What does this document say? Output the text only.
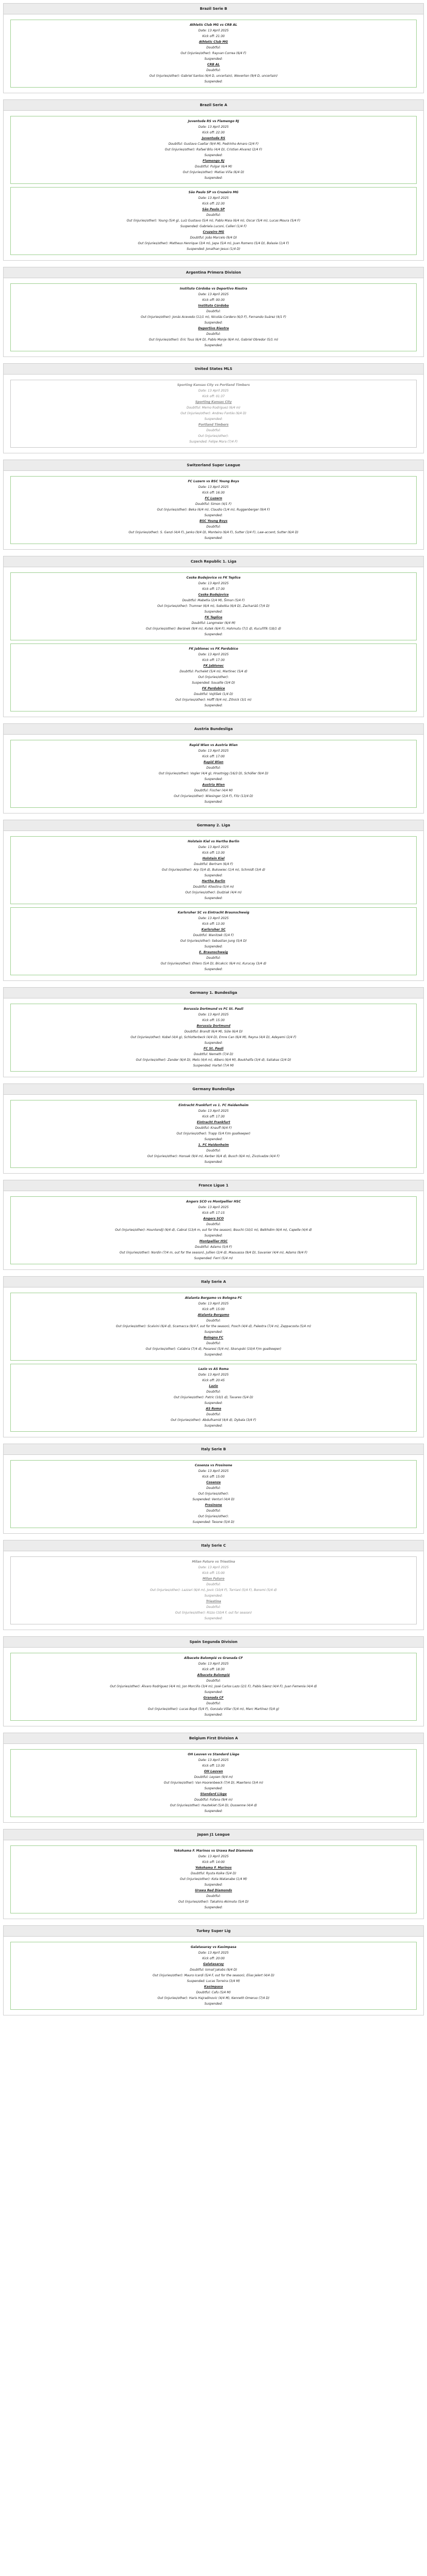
Brazil Serie B
Athletic Club MG vs CRB AL
Date: 13 April 2025
Kick off: 21:30
Athletic Club MG
Doubtful:
Out (injuries/other): Rayvan Correa (6/4 F)
Suspended:
CRB AL
Doubtful:
Out (injuries/other): Gabriel Santos (6/4 D, uncertain), Weverton (9/4 D, uncertain)
Suspended:
Brazil Serie A
Juventude RS vs Flamengo RJ
Date: 13 April 2025
Kick off: 22:30
Juventude RS
Doubtful: Gustavo Cuellar (9/4 M), Pedrinho Amaro (2/4 F)
Out (injuries/other): Rafael Bilu (4/4 D), Cristian Alvarez (2/4 F)
Suspended:
Flamengo RJ
Doubtful: Pulgar (6/4 M)
Out (injuries/other): Matias Viña (6/4 D)
Suspended:
São Paulo SP vs Cruzeiro MG
Date: 13 April 2025
Kick off: 22:30
São Paulo SP
Doubtful:
Out (injuries/other): Young (5/4 g), Luiz Gustavo (5/4 m), Pablo Maia (6/4 m), Oscar (5/4 m), Lucas Moura (5/4 F)
Suspended: Gabriela Luconi, Calleri (1/4 F)
Cruzeiro MG
Doubtful: João Marcelo (9/4 D)
Out (injuries/other): Matheus Henrique (3/4 m), Japa (5/4 m), Juan Romero (5/4 D), Bolasie (1/4 F)
Suspended: Jonathan Jesus (1/4 D)
Argentina Primera Division
Instituto Córdoba vs Deportivo Riestra
Date: 13 April 2025
Kick off: 00:30
Instituto Córdoba
Doubtful:
Out (injuries/other): Jonás Acevedo (11/1 m), Nicolás Cordero (6/3 F), Fernando Suárez (4/1 F)
Suspended:
Deportivo Riestra
Doubtful:
Out (injuries/other): Eric Tous (6/4 D), Pablo Monje (6/4 m), Gabriel Obredor (5/1 m)
Suspended:
United States MLS
Sporting Kansas City vs Portland Timbers
Date: 13 April 2025
Kick off: 01:37
Sporting Kansas City
Doubtful: Memo Rodriguez (6/4 m)
Out (injuries/other): Andreu Fontàs (6/4 D)
Suspended:
Portland Timbers
Doubtful:
Out (injuries/other):
Suspended: Felipe Mora (7/4 F)
Switzerland Super League
FC Luzern vs BSC Young Boys
Date: 13 April 2025
Kick off: 16:30
FC Luzern
Doubtful: Simon (4/1 F)
Out (injuries/other): Beka (6/4 m), Claudio (1/4 m), Ruggenberger (9/4 F)
Suspended:
BSC Young Boys
Doubtful:
Out (injuries/other): S. Ganzi (4/4 F), Janko (9/4 D), Monteiro (6/4 F), Sutter (3/4 F), Law-accent, Sutter (6/4 D)
Suspended:
Czech Republic 1. Liga
Ceske Budejovice vs FK Teplice
Date: 13 April 2025
Kick off: 17:30
Ceske Budejovice
Doubtful: Mabetla (2/4 M), Šimon (5/4 F)
Out (injuries/other): Trumner (6/4 m), Sobotka (6/4 D), Zachariáš (7/4 D)
Suspended:
FK Teplice
Doubtful: Langmeier (6/4 M)
Out (injuries/other): Beránek (9/4 m), Kutek (6/4 F), Hahmutu (7/1 d), Kucuřířík (18/1 d)
Suspended:
FK Jablonec vs FK Pardubice
Date: 13 April 2025
Kick off: 17:30
FK Jablonec
Doubtful: Puchelet (5/4 m), Martinec (5/4 d)
Out (injuries/other):
Suspended: Souaille (3/4 D)
FK Pardubice
Doubtful: Vojtíšek (1/4 D)
Out (injuries/other): Hoffl (9/4 m), Zitnick (3/1 m)
Suspended:
Austria Bundesliga
Rapid Wien vs Austria Wien
Date: 13 April 2025
Kick off: 17:00
Rapid Wien
Doubtful:
Out (injuries/other): Vogler (4/4 g), Hrastnigg (16/3 D), Schöller (9/4 D)
Suspended:
Austria Wien
Doubtful: Fischer (4/4 M)
Out (injuries/other): Wiesinger (2/4 F), Fitz (13/4 D)
Suspended:
Germany 2. Liga
Holstein Kiel vs Hertha Berlin
Date: 13 April 2025
Kick off: 13:30
Holstein Kiel
Doubtful: Bertram (6/4 F)
Out (injuries/other): Arp (5/4 d), Bukowiec (1/4 m), Schmidt (3/4 d)
Suspended:
Hertha Berlin
Doubtful: Kliestina (5/4 m)
Out (injuries/other): Dudziak (4/4 m)
Suspended:
Karlsruher SC vs Eintracht Braunschweig
Date: 13 April 2025
Kick off: 13:30
Karlsruher SC
Doubtful: Wanitzek (5/4 F)
Out (injuries/other): Sebastian Jung (5/4 D)
Suspended:
E. Braunschweig
Doubtful:
Out (injuries/other): Ehlers (5/4 D), Bicakcic (6/4 m), Kurucay (3/4 d)
Suspended:
Germany 1. Bundesliga
Borussia Dortmund vs FC St. Pauli
Date: 13 April 2025
Kick off: 15:30
Borussia Dortmund
Doubtful: Brandt (6/4 M), Süle (6/4 D)
Out (injuries/other): Kobel (4/4 g), Schlotterbeck (4/4 D), Emre Can (6/4 M), Reyna (4/4 D), Adeyemi (2/4 F)
Suspended:
FC St. Pauli
Doubtful: Nemeth (7/4 D)
Out (injuries/other): Zander (6/4 D), Mets (4/4 m), Albers (6/4 M), Boukhalfa (3/4 d), Saliakas (2/4 D)
Suspended: Hartel (7/4 M)
Germany Bundesliga
Eintracht Frankfurt vs 1. FC Heidenheim
Date: 13 April 2025
Kick off: 17:30
Eintracht Frankfurt
Doubtful: Knauff (6/4 F)
Out (injuries/other): Trapp (5/4 F/m goalkeeper)
Suspended:
1. FC Heidenheim
Doubtful:
Out (injuries/other): Honsak (9/4 m), Kerber (6/4 d), Busch (6/4 m), Zivzivadze (4/4 F)
Suspended:
France Ligue 1
Angers SCO vs Montpellier HSC
Date: 13 April 2025
Kick off: 17:15
Angers SCO
Doubtful:
Out (injuries/other): Hountondji (6/4 d), Cabral (13/4 m, out for the season), Bouchi (10/1 m), Belkhdim (6/4 m), Capelle (4/4 d)
Suspended:
Montpellier HSC
Doubtful: Adams (5/4 F)
Out (injuries/other): Nordin (7/4 m, out for the season), Jullien (2/4 d), Maouassa (9/4 D), Savanier (4/4 m), Adams (9/4 F)
Suspended: Ferri (5/4 m)
Italy Serie A
Atalanta Bergamo vs Bologna FC
Date: 13 April 2025
Kick off: 15:00
Atalanta Bergamo
Doubtful:
Out (injuries/other): Scalvini (6/4 d), Scamacca (9/4 F, out for the season), Posch (4/4 d), Palestra (7/4 m), Zappacosta (5/4 m)
Suspended:
Bologna FC
Doubtful:
Out (injuries/other): Calabria (7/4 d), Pesaresi (5/4 m), Skorupski (10/4 F/m goalkeeper)
Suspended:
Lazio vs AS Roma
Date: 13 April 2025
Kick off: 20:45
Lazio
Doubtful:
Out (injuries/other): Patric (10/1 d), Tavares (5/4 D)
Suspended:
AS Roma
Doubtful:
Out (injuries/other): Abdulhamid (4/4 d), Dybala (3/4 F)
Suspended:
Italy Serie B
Cosenza vs Frosinone
Date: 13 April 2025
Kick off: 15:00
Cosenza
Doubtful:
Out (injuries/other):
Suspended: Venturi (4/4 D)
Frosinone
Doubtful:
Out (injuries/other):
Suspended: Tesone (5/4 D)
Italy Serie C
Milan Futuro vs Triestina
Date: 13 April 2025
Kick off: 15:00
Milan Futuro
Doubtful:
Out (injuries/other): Lazzari (6/4 m), Jovic (10/4 F), Torriani (5/4 F), Bonomi (5/4 d)
Suspended:
Triestina
Doubtful:
Out (injuries/other): Rizzo (10/4 F, out for season)
Suspended:
Spain Segunda Division
Albacete Balompié vs Granada CF
Date: 13 April 2025
Kick off: 18:30
Albacete Balompié
Doubtful:
Out (injuries/other): Álvaro Rodríguez (4/4 m), Jon Morcillo (3/4 m), José Carlos Lazo (2/1 F), Pablo Sáenz (4/4 F), Juan Femenía (4/4 d)
Suspended:
Granada CF
Doubtful:
Out (injuries/other): Lucas Boyé (5/4 F), Gonzalo Villar (5/4 m), Marc Martínez (5/4 g)
Suspended:
Belgium First Division A
OH Leuven vs Standard Liège
Date: 13 April 2025
Kick off: 13:30
OH Leuven
Doubtful: Leysen (9/4 m)
Out (injuries/other): Van Hoorenbeeck (7/4 D), Maertens (3/4 m)
Suspended:
Standard Liège
Doubtful: Fofana (9/4 m)
Out (injuries/other): Hautekiet (5/4 D), Dussenne (4/4 d)
Suspended:
Japan J1 League
Yokohama F. Marinos vs Urawa Red Diamonds
Date: 13 April 2025
Kick off: 14:00
Yokohama F. Marinos
Doubtful: Ryuta Koike (5/4 D)
Out (injuries/other): Kota Watanabe (1/4 M)
Suspended:
Urawa Red Diamonds
Doubtful:
Out (injuries/other): Takahiro Akimoto (5/4 D)
Suspended:
Turkey Super Lig
Galatasaray vs Kasimpasa
Date: 13 April 2025
Kick off: 20:00
Galatasaray
Doubtful: Ismail Jakobs (6/4 D)
Out (injuries/other): Mauro Icardi (5/4 F, out for the season), Elias Jelert (4/4 D)
Suspended: Lucas Torreira (3/4 M)
Kasimpasa
Doubtful: Cafu (5/4 M)
Out (injuries/other): Haris Hajradinovic (4/4 M), Kenneth Omeruo (7/4 D)
Suspended:
